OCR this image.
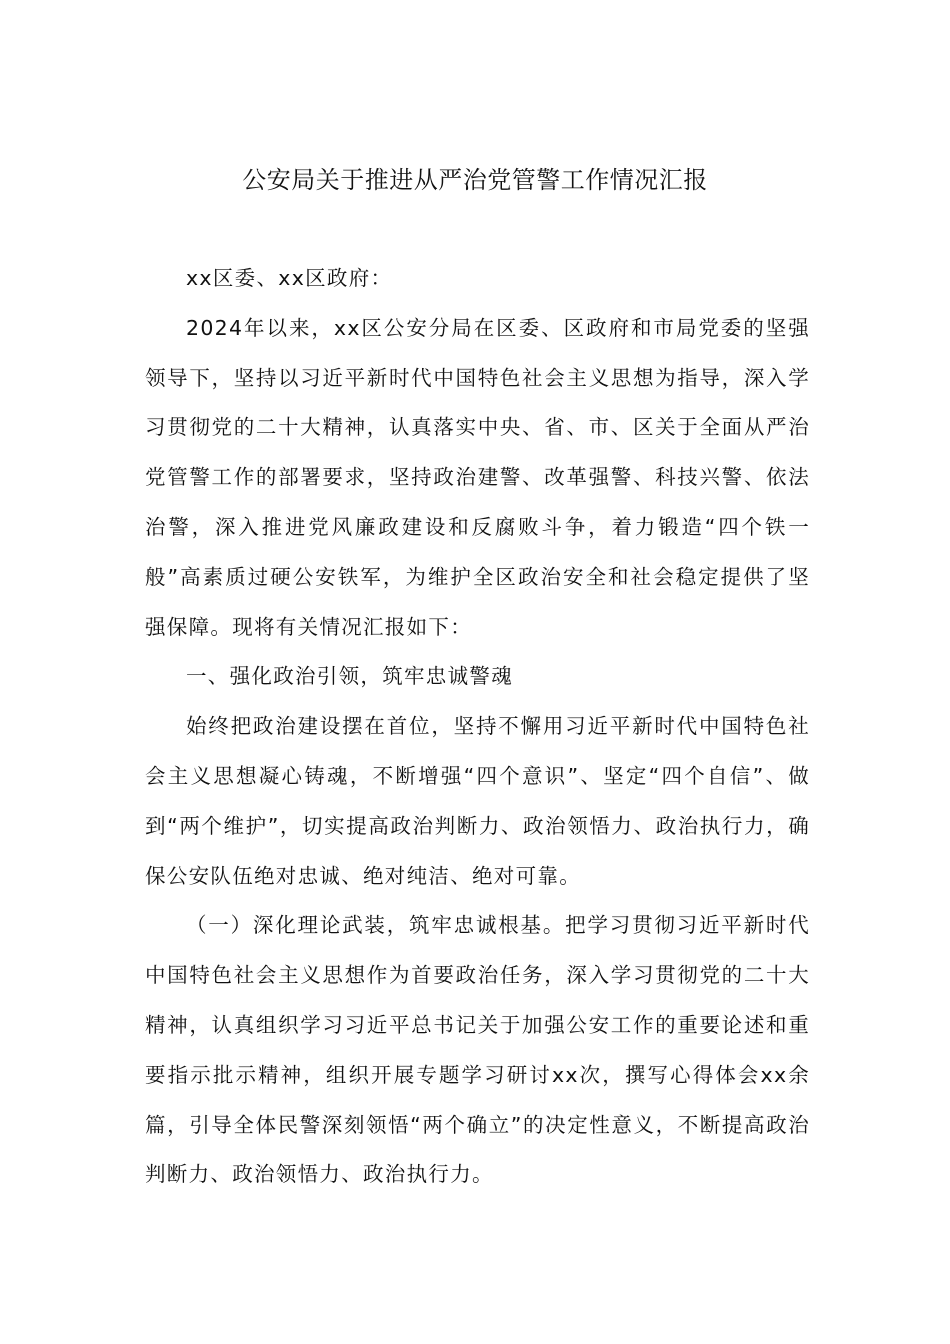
公安局关于推进从严治党管警工作情况汇报

xx区委、xx区政府：

2024年以来，xx区公安分局在区委、区政府和市局党委的坚强领导下，坚持以习近平新时代中国特色社会主义思想为指导，深入学习贯彻党的二十大精神，认真落实中央、省、市、区关于全面从严治党管警工作的部署要求，坚持政治建警、改革强警、科技兴警、依法治警，深入推进党风廉政建设和反腐败斗争，着力锻造“四个铁一般”高素质过硬公安铁军，为维护全区政治安全和社会稳定提供了坚强保障。现将有关情况汇报如下：

一、强化政治引领，筑牢忠诚警魂

始终把政治建设摆在首位，坚持不懈用习近平新时代中国特色社会主义思想凝心铸魂，不断增强“四个意识”、坚定“四个自信”、做到“两个维护”，切实提高政治判断力、政治领悟力、政治执行力，确保公安队伍绝对忠诚、绝对纯洁、绝对可靠。

（一）深化理论武装，筑牢忠诚根基。把学习贯彻习近平新时代中国特色社会主义思想作为首要政治任务，深入学习贯彻党的二十大精神，认真组织学习习近平总书记关于加强公安工作的重要论述和重要指示批示精神，组织开展专题学习研讨xx次，撰写心得体会xx余篇，引导全体民警深刻领悟“两个确立”的决定性意义，不断提高政治判断力、政治领悟力、政治执行力。
